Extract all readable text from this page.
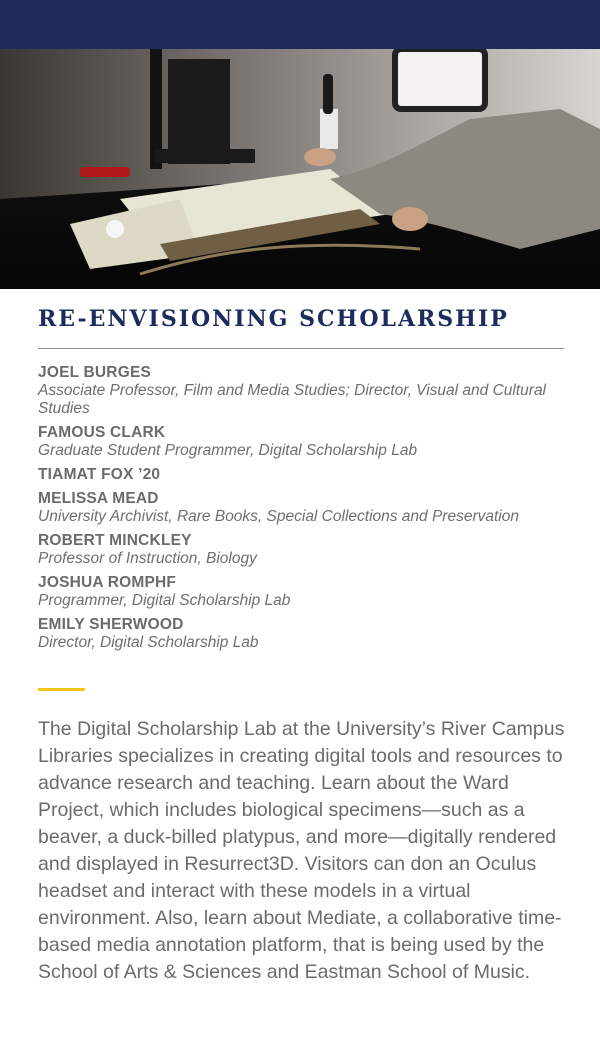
RE-ENVISIONING SCHOLARSHIP
JOEL BURGES
Associate Professor, Film and Media Studies; Director, Visual and Cultural Studies
FAMOUS CLARK
Graduate Student Programmer, Digital Scholarship Lab
TIAMAT FOX ’20
MELISSA MEAD
University Archivist, Rare Books, Special Collections and Preservation
ROBERT MINCKLEY
Professor of Instruction, Biology
JOSHUA ROMPHF
Programmer, Digital Scholarship Lab
EMILY SHERWOOD
Director, Digital Scholarship Lab

The Digital Scholarship Lab at the University’s River Campus Libraries specializes in creating digital tools and resources to advance research and teaching. Learn about the Ward Project, which includes biological specimens—such as a beaver, a duck-billed platypus, and more—digitally rendered and displayed in Resurrect3D. Visitors can don an Oculus headset and interact with these models in a virtual environment. Also, learn about Mediate, a collaborative time-based media annotation platform, that is being used by the School of Arts & Sciences and Eastman School of Music.
